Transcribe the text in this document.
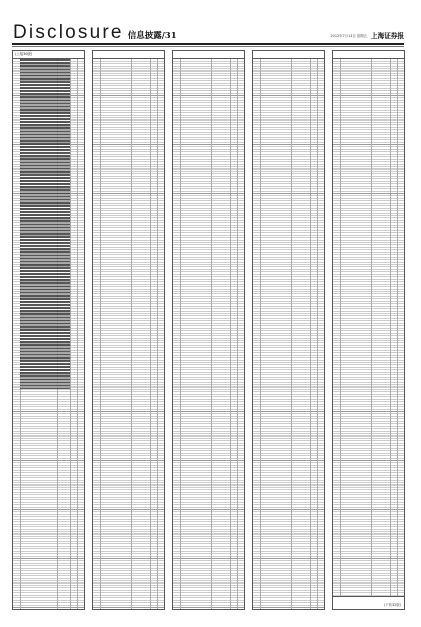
Disclosure 信息披露/31	2012年7月13日 星期五 上海证券报
(上接30版)
(下转32版)
